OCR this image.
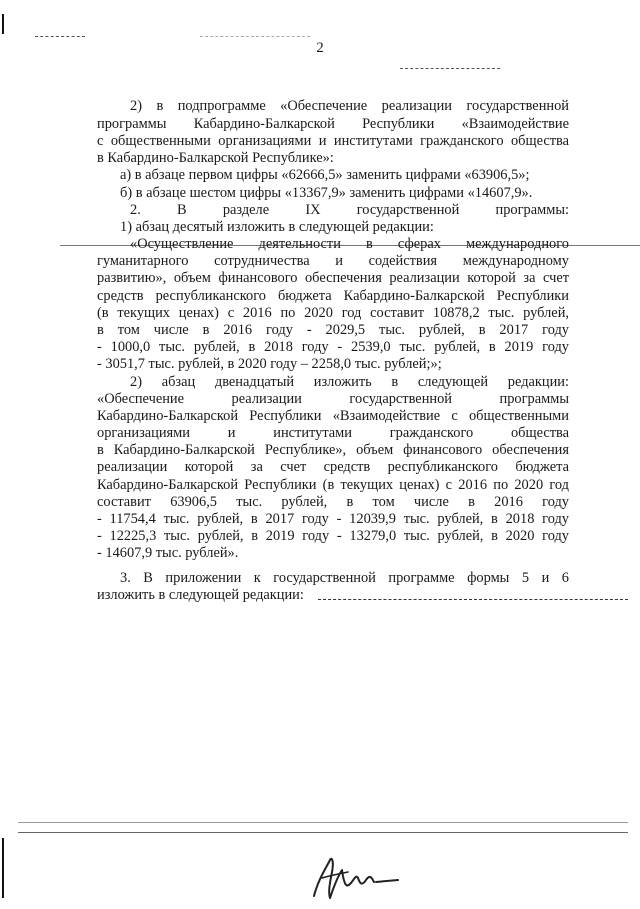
2
2) в подпрограмме «Обеспечение реализации государственной
программы Кабардино-Балкарской Республики «Взаимодействие
с общественными организациями и институтами гражданского общества
в Кабардино-Балкарской Республике»:
а) в абзаце первом цифры «62666,5» заменить цифрами «63906,5»;
б) в абзаце шестом цифры «13367,9» заменить цифрами «14607,9».
2. В разделе IX государственной программы:
1) абзац десятый изложить в следующей редакции:
«Осуществление деятельности в сферах международного
гуманитарного сотрудничества и содействия международному
развитию», объем финансового обеспечения реализации которой за счет
средств республиканского бюджета Кабардино-Балкарской Республики
(в текущих ценах) с 2016 по 2020 год составит 10878,2 тыс. рублей,
в том числе в 2016 году - 2029,5 тыс. рублей, в 2017 году
- 1000,0 тыс. рублей, в 2018 году - 2539,0 тыс. рублей, в 2019 году
- 3051,7 тыс. рублей, в 2020 году – 2258,0 тыс. рублей;»;
2) абзац двенадцатый изложить в следующей редакции:
«Обеспечение реализации государственной программы
Кабардино-Балкарской Республики «Взаимодействие с общественными
организациями и институтами гражданского общества
в Кабардино-Балкарской Республике», объем финансового обеспечения
реализации которой за счет средств республиканского бюджета
Кабардино-Балкарской Республики (в текущих ценах) с 2016 по 2020 год
составит 63906,5 тыс. рублей, в том числе в 2016 году
- 11754,4 тыс. рублей, в 2017 году - 12039,9 тыс. рублей, в 2018 году
- 12225,3 тыс. рублей, в 2019 году - 13279,0 тыс. рублей, в 2020 году
- 14607,9 тыс. рублей».
3. В приложении к государственной программе формы 5 и 6
изложить в следующей редакции:
